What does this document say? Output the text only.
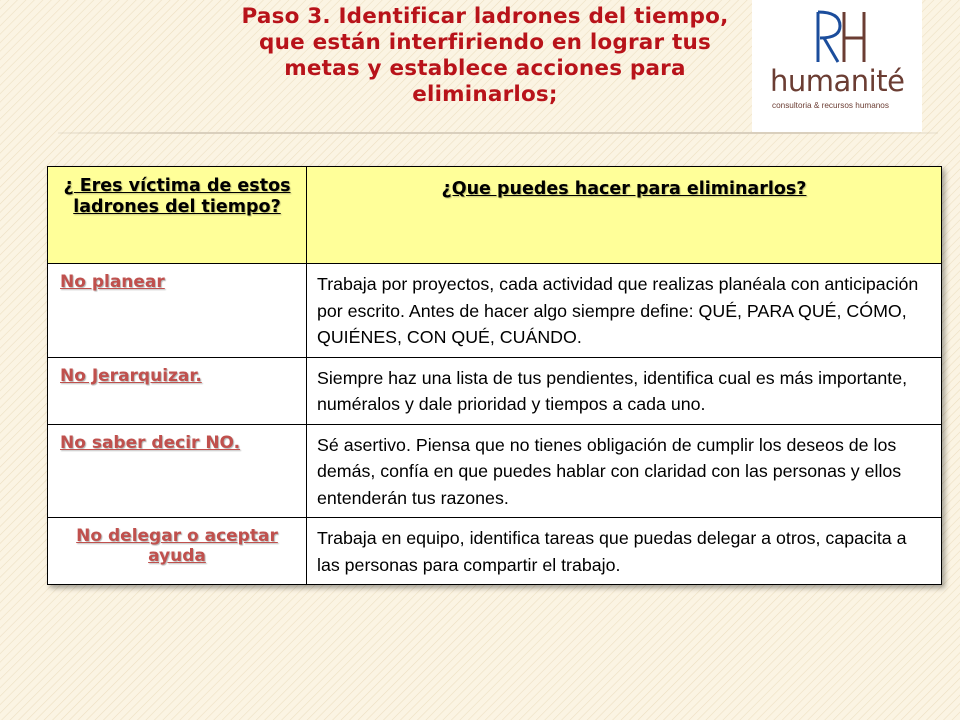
Paso 3. Identificar ladrones del tiempo, que están interfiriendo en lograr tus metas y establece acciones para eliminarlos;	humanité
consultoria & recursos humanos
¿ Eres víctima de estos ladrones del tiempo?	¿Que puedes hacer para eliminarlos?

No planear	Trabaja por proyectos, cada actividad que realizas planéala con anticipación por escrito. Antes de hacer algo siempre define: QUÉ, PARA QUÉ, CÓMO, QUIÉNES, CON QUÉ, CUÁNDO.

No Jerarquizar.	Siempre haz una lista de tus pendientes, identifica cual es más importante, numéralos y dale prioridad y tiempos a cada uno.

No saber decir NO.	Sé asertivo. Piensa que no tienes obligación de cumplir los deseos de los demás, confía en que puedes hablar con claridad con las personas y ellos entenderán tus razones.

No delegar o aceptar ayuda	Trabaja en equipo, identifica tareas que puedas delegar a otros, capacita a las personas para compartir el trabajo.
